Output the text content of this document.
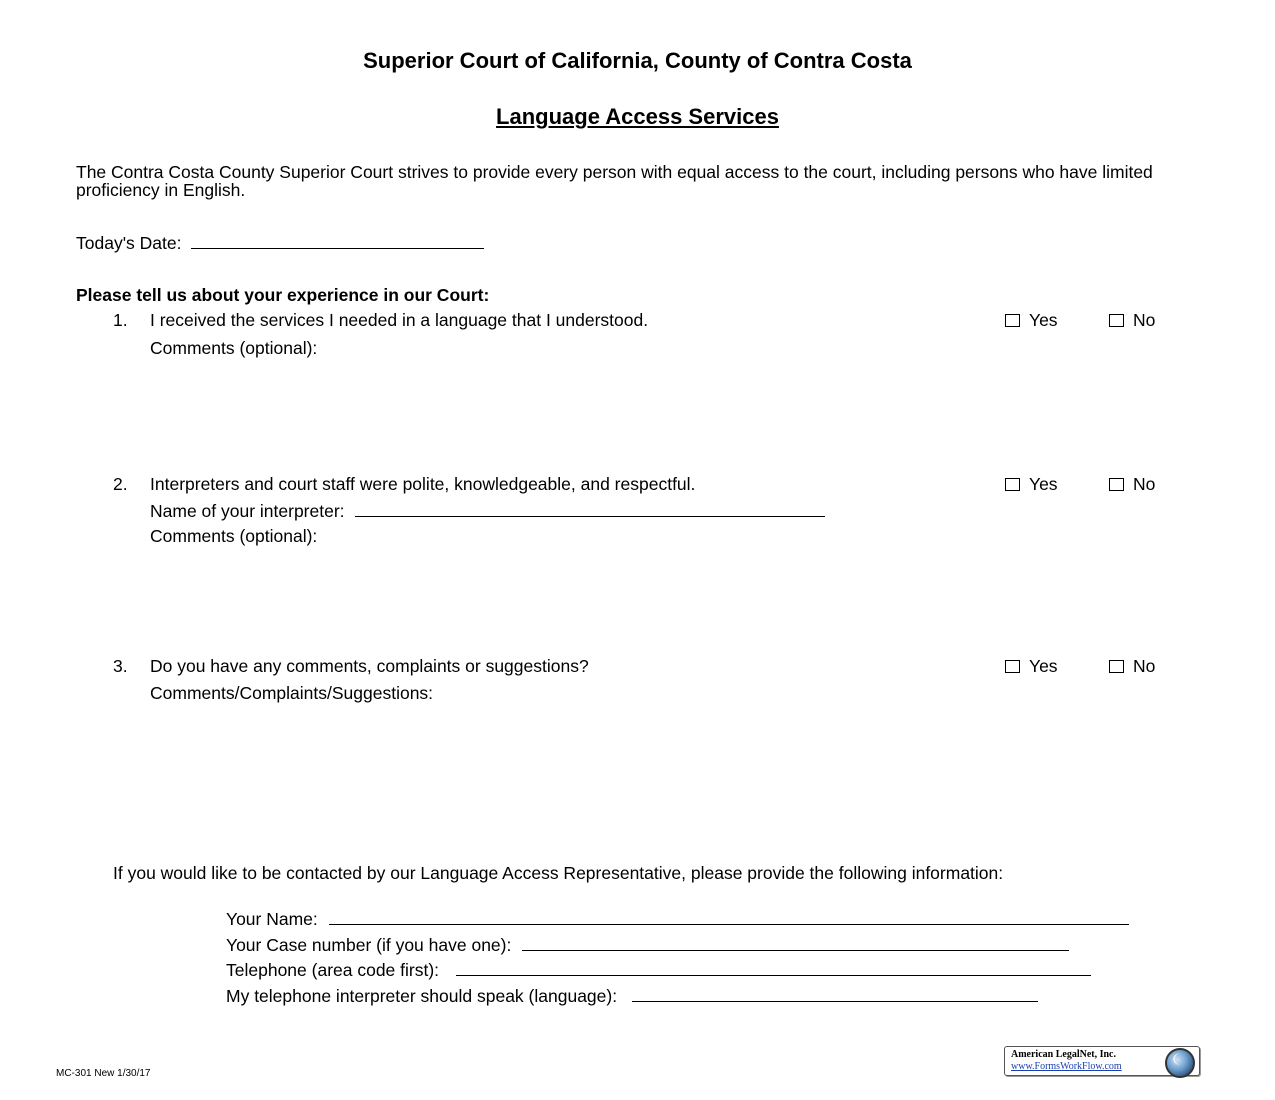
Superior Court of California, County of Contra Costa
Language Access Services
The Contra Costa County Superior Court strives to provide every person with equal access to the court, including persons who have limited proficiency in English.
Today's Date:
Please tell us about your experience in our Court:
1. I received the services I needed in a language that I understood.	Yes	No
Comments (optional):
2. Interpreters and court staff were polite, knowledgeable, and respectful.	Yes	No
Name of your interpreter:
Comments (optional):
3. Do you have any comments, complaints or suggestions?	Yes	No
Comments/Complaints/Suggestions:
If you would like to be contacted by our Language Access Representative, please provide the following information:
Your Name:
Your Case number (if you have one):
Telephone (area code first):
My telephone interpreter should speak (language):
MC-301 New 1/30/17
American LegalNet, Inc.
www.FormsWorkFlow.com
